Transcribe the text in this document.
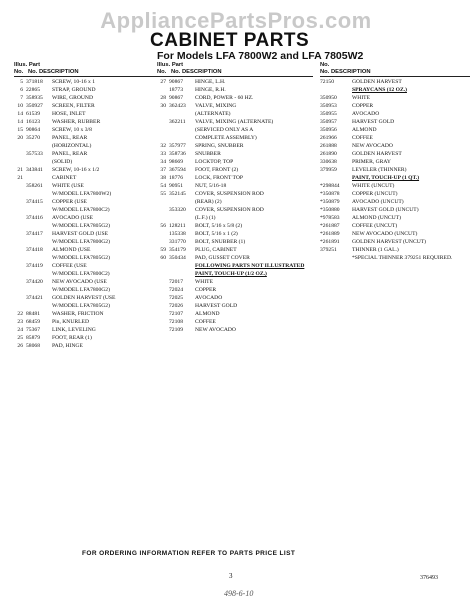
AppliancePartsPros.com
CABINET PARTS
For Models LFA 7800W2 and LFA 7805W2
Illus. Part
No. No. DESCRIPTION
5 371818	SCREW, 10-16 x 1
6 22865	STRAP, GROUND
7 358935	WIRE, GROUND
10 350927	SCREEN, FILTER
14 61539	HOSE, INLET
14 16123	WASHER, RUBBER
15 90864	SCREW, 10 x 3/8
20 35270	PANEL, REAR
(HORIZONTAL)
357533	PANEL, REAR
(SOLID)
21 343841	SCREW, 10-16 x 1/2
21	CABINET
358261	WHITE (USE
W/MODEL LFA7800W2)
374415	COPPER (USE
W/MODEL LFA7800C2)
374416	AVOCADO (USE
W/MODEL LFA7805G2)
374417	HARVEST GOLD (USE
W/MODEL LFA7800G2)
374418	ALMOND (USE
W/MODEL LFA7805G2)
374419	COFFEE (USE
W/MODEL LFA7800C2)
374420	NEW AVOCADO (USE
W/MODEL LFA7800G2)
374421	GOLDEN HARVEST (USE
W/MODEL LFA7805G2)
22 88481	WASHER, FRICTION
23 68459	Pin, KNURLED
24 75367	LINK, LEVELING
25 85879	FOOT, REAR (1)
26 58068	PAD, HINGE
Illus. Part
No. No. DESCRIPTION
27 90867	HINGE, L.H.
18773	HINGE, R.H.
28 90867	CORD, POWER - 60 HZ.
30 362423	VALVE, MIXING
(ALTERNATE)
362211	VALVE, MIXING (ALTERNATE)
(SERVICED ONLY AS A
COMPLETE ASSEMBLY)
32 357977	SPRING, SNUBBER
33 358736	SNUBBER
34 98669	LOCKTOP, TOP
37 367594	FOOT, FRONT (2)
38 18776	LOCK, FRONT TOP
54 90951	NUT, 5/16-18
55 352145	COVER, SUSPENSION ROD
(REAR) (2)
353320	COVER, SUSPENSION ROD
(L.F.) (1)
56 128211	BOLT, 5/16 x 5/8 (2)
135338	BOLT, 5/16 x 1 (2)
331770	BOLT, SNUBBER (1)
59 354179	PLUG, CABINET
60 350434	PAD, GUSSET COVER
FOLLOWING PARTS NOT ILLUSTRATED
PAINT, TOUCH-UP (1/2 OZ.)
72017	WHITE
72024	COPPER
72025	AVOCADO
72026	HARVEST GOLD
72107	ALMOND
72108	COFFEE
72109	NEW AVOCADO
No.
No. DESCRIPTION
72150	GOLDEN HARVEST
SPRAYCANS (12 OZ.)
350950	WHITE
350953	COPPER
350955	AVOCADO
350957	HARVEST GOLD
350956	ALMOND
261966	COFFEE
261888	NEW AVOCADO
261890	GOLDEN HARVEST
330638	PRIMER, GRAY
379959	LEVELER (THINNER)
PAINT, TOUCH-UP (1 QT.)
*298844	WHITE (UNCUT)
*350878	COPPER (UNCUT)
*350879	AVOCADO (UNCUT)
*350880	HARVEST GOLD (UNCUT)
*978583	ALMOND (UNCUT)
*261887	COFFEE (UNCUT)
*261889	NEW AVOCADO (UNCUT)
*261891	GOLDEN HARVEST (UNCUT)
379251	THINNER (1 GAL.)
*SPECIAL THINNER 379251 REQUIRED.
FOR ORDERING INFORMATION REFER TO PARTS PRICE LIST
3	376493
498-6-10
